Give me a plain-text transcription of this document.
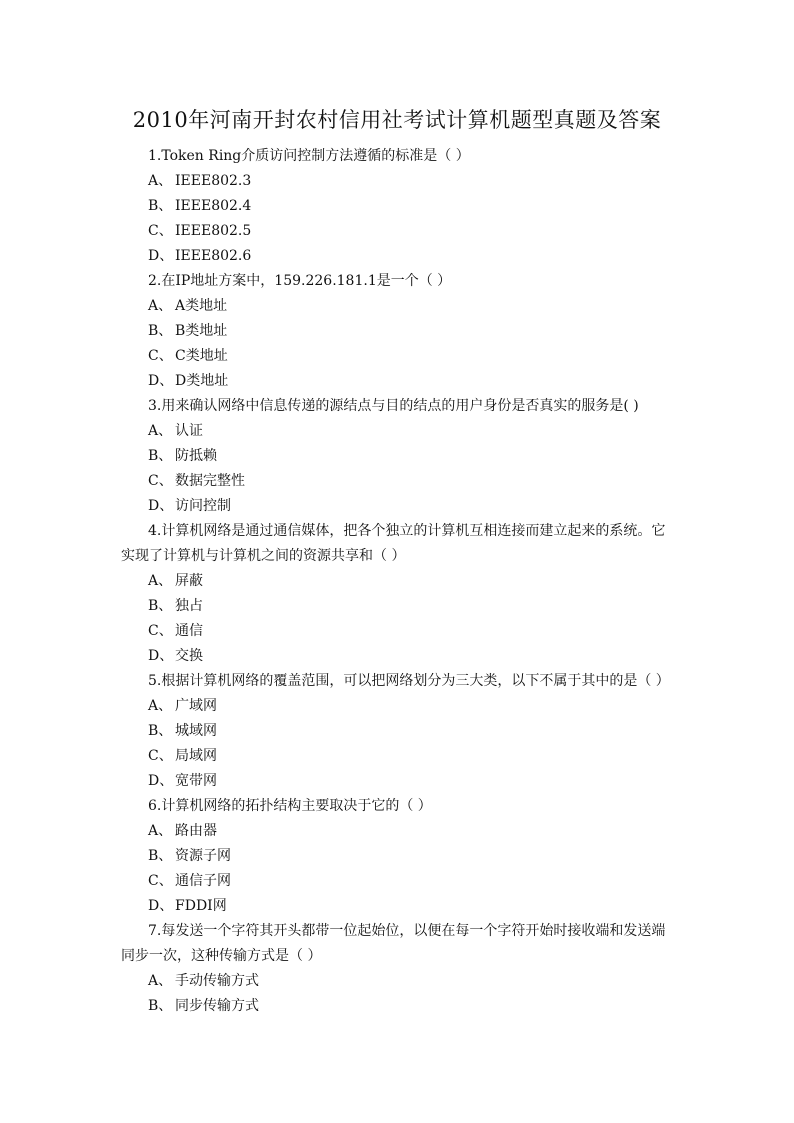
2010年河南开封农村信用社考试计算机题型真题及答案
1.Token Ring介质访问控制方法遵循的标准是（ ）
A、 IEEE802.3
B、 IEEE802.4
C、 IEEE802.5
D、 IEEE802.6
2.在IP地址方案中，159.226.181.1是一个（ ）
A、 A类地址
B、 B类地址
C、 C类地址
D、 D类地址
3.用来确认网络中信息传递的源结点与目的结点的用户身份是否真实的服务是( )
A、 认证
B、 防抵赖
C、 数据完整性
D、 访问控制
4.计算机网络是通过通信媒体，把各个独立的计算机互相连接而建立起来的系统。它
实现了计算机与计算机之间的资源共享和（ ）
A、 屏蔽
B、 独占
C、 通信
D、 交换
5.根据计算机网络的覆盖范围，可以把网络划分为三大类，以下不属于其中的是（ ）
A、 广域网
B、 城域网
C、 局域网
D、 宽带网
6.计算机网络的拓扑结构主要取决于它的（ ）
A、 路由器
B、 资源子网
C、 通信子网
D、 FDDI网
7.每发送一个字符其开头都带一位起始位，以便在每一个字符开始时接收端和发送端
同步一次，这种传输方式是（ ）
A、 手动传输方式
B、 同步传输方式
